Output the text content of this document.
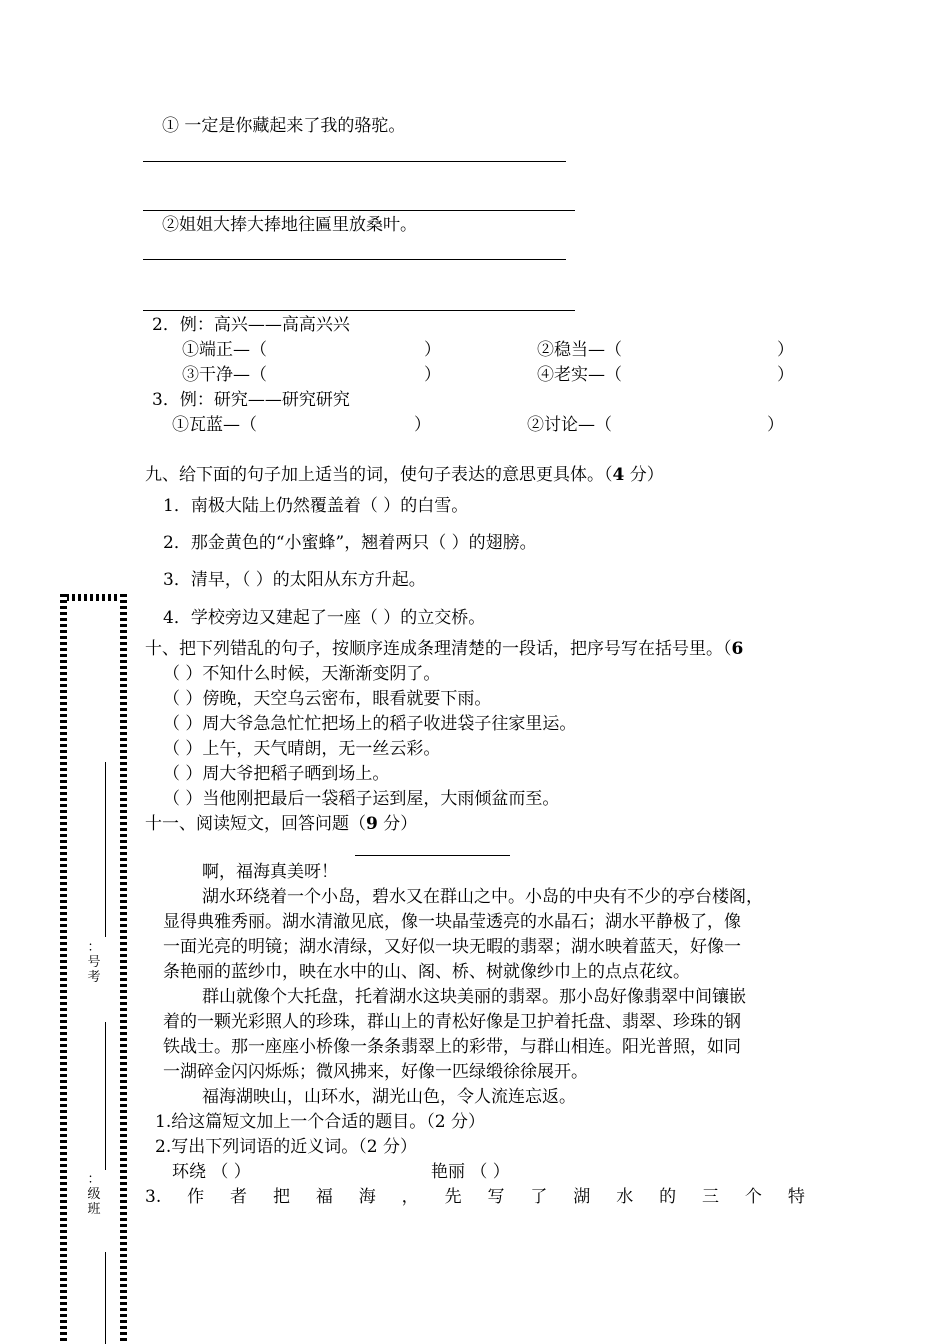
① 一定是你藏起来了我的骆驼。

②姐姐大捧大捧地往匾里放桑叶。

2．例：高兴——高高兴兴

①端正—（	）	②稳当—（	）

③干净—（	）	④老实—（	）

3．例：研究——研究研究

①瓦蓝—（	）	②讨论—（	）

九、给下面的句子加上适当的词，使句子表达的意思更具体。（4 分）

1．南极大陆上仍然覆盖着（ ）的白雪。

2．那金黄色的“小蜜蜂”，翘着两只（ ）的翅膀。

3．清早，（ ）的太阳从东方升起。

4．学校旁边又建起了一座（ ）的立交桥。

十、把下列错乱的句子，按顺序连成条理清楚的一段话，把序号写在括号里。（6

（ ）不知什么时候，天渐渐变阴了。

（ ）傍晚，天空乌云密布，眼看就要下雨。

（ ）周大爷急急忙忙把场上的稻子收进袋子往家里运。

（ ）上午，天气晴朗，无一丝云彩。

（ ）周大爷把稻子晒到场上。

（ ）当他刚把最后一袋稻子运到屋，大雨倾盆而至。

十一、阅读短文，回答问题（9 分）

啊，福海真美呀！

湖水环绕着一个小岛，碧水又在群山之中。小岛的中央有不少的亭台楼阁，

显得典雅秀丽。湖水清澈见底，像一块晶莹透亮的水晶石；湖水平静极了，像

一面光亮的明镜；湖水清绿，又好似一块无暇的翡翠；湖水映着蓝天，好像一

条艳丽的蓝纱巾，映在水中的山、阁、桥、树就像纱巾上的点点花纹。

群山就像个大托盘，托着湖水这块美丽的翡翠。那小岛好像翡翠中间镶嵌

着的一颗光彩照人的珍珠，群山上的青松好像是卫护着托盘、翡翠、珍珠的钢

铁战士。那一座座小桥像一条条翡翠上的彩带，与群山相连。阳光普照，如同

一湖碎金闪闪烁烁；微风拂来，好像一匹绿缎徐徐展开。

福海湖映山，山环水，湖光山色，令人流连忘返。

1.给这篇短文加上一个合适的题目。（2 分）

2.写出下列词语的近义词。（2 分）

环绕 （ ）	艳丽 （ ）

3. 作 者 把 福 海 ， 先 写 了 湖 水 的 三 个 特
：号考
：级班
